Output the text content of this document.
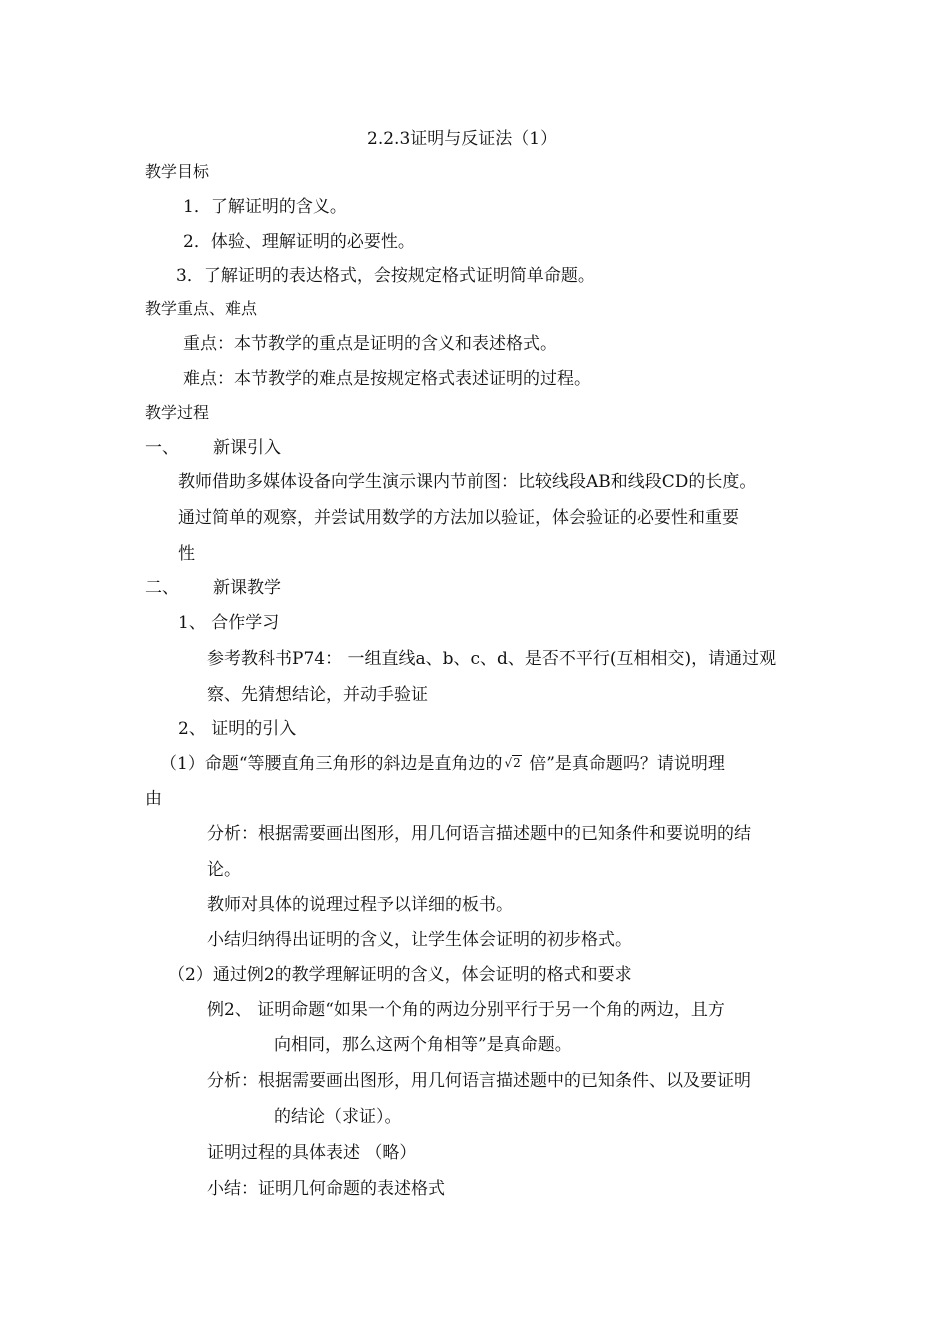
2.2.3证明与反证法（1）
教学目标
1．了解证明的含义。
2．体验、理解证明的必要性。
3．了解证明的表达格式，会按规定格式证明简单命题。
教学重点、难点
重点：本节教学的重点是证明的含义和表述格式。
难点：本节教学的难点是按规定格式表述证明的过程。
教学过程
一、 新课引入
教师借助多媒体设备向学生演示课内节前图：比较线段AB和线段CD的长度。
通过简单的观察，并尝试用数学的方法加以验证，体会验证的必要性和重要
性
二、 新课教学
1、 合作学习
参考教科书P74： 一组直线a、b、c、d、是否不平行(互相相交)，请通过观
察、先猜想结论，并动手验证
2、 证明的引入
（1）命题“等腰直角三角形的斜边是直角边的 √2 倍”是真命题吗？请说明理
由
分析：根据需要画出图形，用几何语言描述题中的已知条件和要说明的结
论。
教师对具体的说理过程予以详细的板书。
小结归纳得出证明的含义，让学生体会证明的初步格式。
（2）通过例2的教学理解证明的含义，体会证明的格式和要求
例2、 证明命题“如果一个角的两边分别平行于另一个角的两边，且方
向相同，那么这两个角相等”是真命题。
分析：根据需要画出图形，用几何语言描述题中的已知条件、以及要证明
的结论（求证）。
证明过程的具体表述 （略）
小结：证明几何命题的表述格式
